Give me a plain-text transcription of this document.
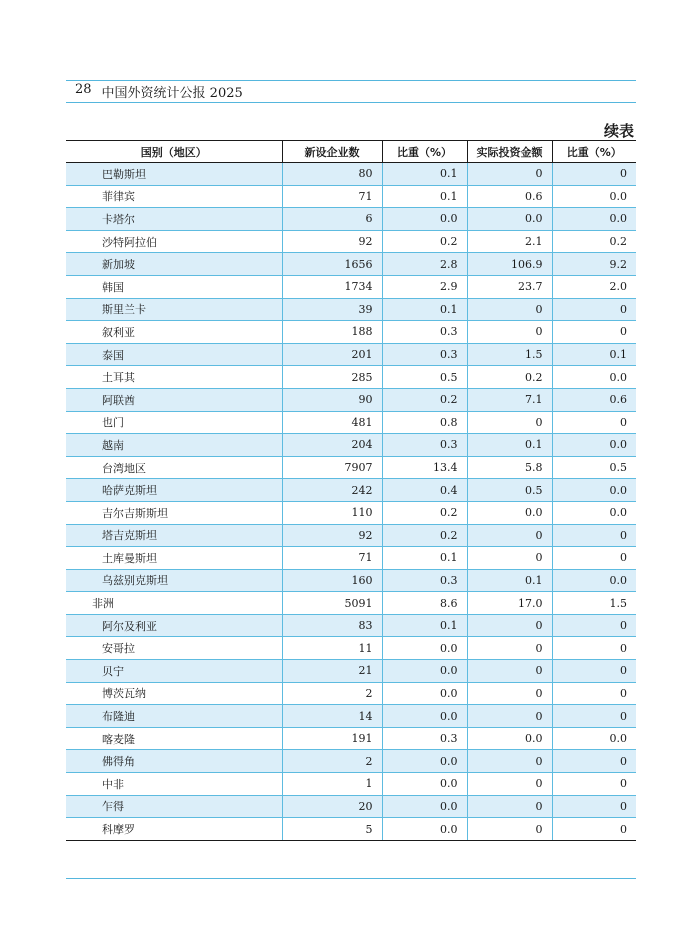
28 中国外资统计公报 2025
续表
国别（地区）	新设企业数	比重（%）	实际投资金额	比重（%）
巴勒斯坦	80	0.1	0	0
菲律宾	71	0.1	0.6	0.0
卡塔尔	6	0.0	0.0	0.0
沙特阿拉伯	92	0.2	2.1	0.2
新加坡	1656	2.8	106.9	9.2
韩国	1734	2.9	23.7	2.0
斯里兰卡	39	0.1	0	0
叙利亚	188	0.3	0	0
泰国	201	0.3	1.5	0.1
土耳其	285	0.5	0.2	0.0
阿联酋	90	0.2	7.1	0.6
也门	481	0.8	0	0
越南	204	0.3	0.1	0.0
台湾地区	7907	13.4	5.8	0.5
哈萨克斯坦	242	0.4	0.5	0.0
吉尔吉斯斯坦	110	0.2	0.0	0.0
塔吉克斯坦	92	0.2	0	0
土库曼斯坦	71	0.1	0	0
乌兹别克斯坦	160	0.3	0.1	0.0
非洲	5091	8.6	17.0	1.5
阿尔及利亚	83	0.1	0	0
安哥拉	11	0.0	0	0
贝宁	21	0.0	0	0
博茨瓦纳	2	0.0	0	0
布隆迪	14	0.0	0	0
喀麦隆	191	0.3	0.0	0.0
佛得角	2	0.0	0	0
中非	1	0.0	0	0
乍得	20	0.0	0	0
科摩罗	5	0.0	0	0
